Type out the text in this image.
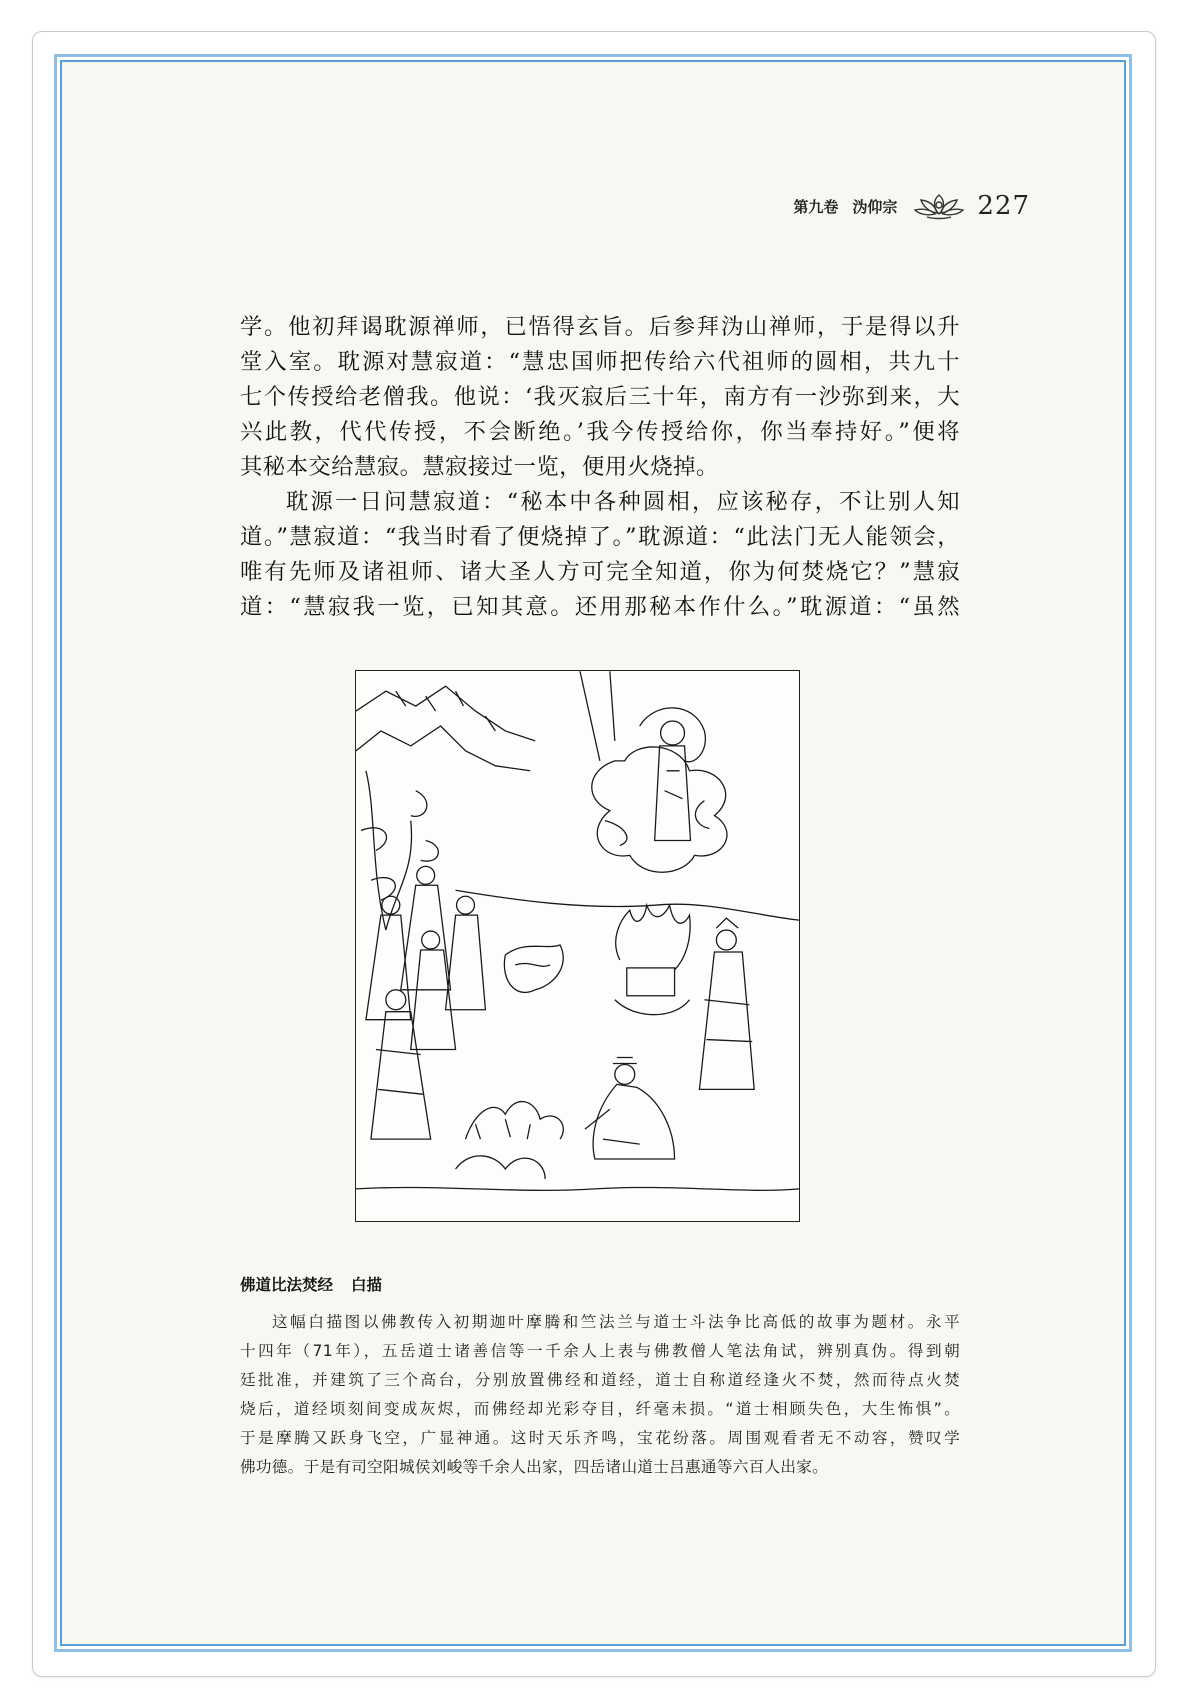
第九卷 沩仰宗	227

学。他初拜谒耽源禅师，已悟得玄旨。后参拜沩山禅师，于是得以升

堂入室。耽源对慧寂道：“慧忠国师把传给六代祖师的圆相，共九十

七个传授给老僧我。他说：‘我灭寂后三十年，南方有一沙弥到来，大

兴此教，代代传授，不会断绝。’我今传授给你，你当奉持好。”便将

其秘本交给慧寂。慧寂接过一览，便用火烧掉。

耽源一日问慧寂道：“秘本中各种圆相，应该秘存，不让别人知

道。”慧寂道：“我当时看了便烧掉了。”耽源道：“此法门无人能领会，

唯有先师及诸祖师、诸大圣人方可完全知道，你为何焚烧它？”慧寂

道：“慧寂我一览，已知其意。还用那秘本作什么。”耽源道：“虽然

佛道比法焚经 白描

这幅白描图以佛教传入初期迦叶摩腾和竺法兰与道士斗法争比高低的故事为题材。永平

十四年（71年），五岳道士诸善信等一千余人上表与佛教僧人笔法角试，辨别真伪。得到朝

廷批准，并建筑了三个高台，分别放置佛经和道经，道士自称道经逢火不焚，然而待点火焚

烧后，道经顷刻间变成灰烬，而佛经却光彩夺目，纤毫未损。“道士相顾失色，大生怖惧”。

于是摩腾又跃身飞空，广显神通。这时天乐齐鸣，宝花纷落。周围观看者无不动容，赞叹学

佛功德。于是有司空阳城侯刘峻等千余人出家，四岳诸山道士吕惠通等六百人出家。
